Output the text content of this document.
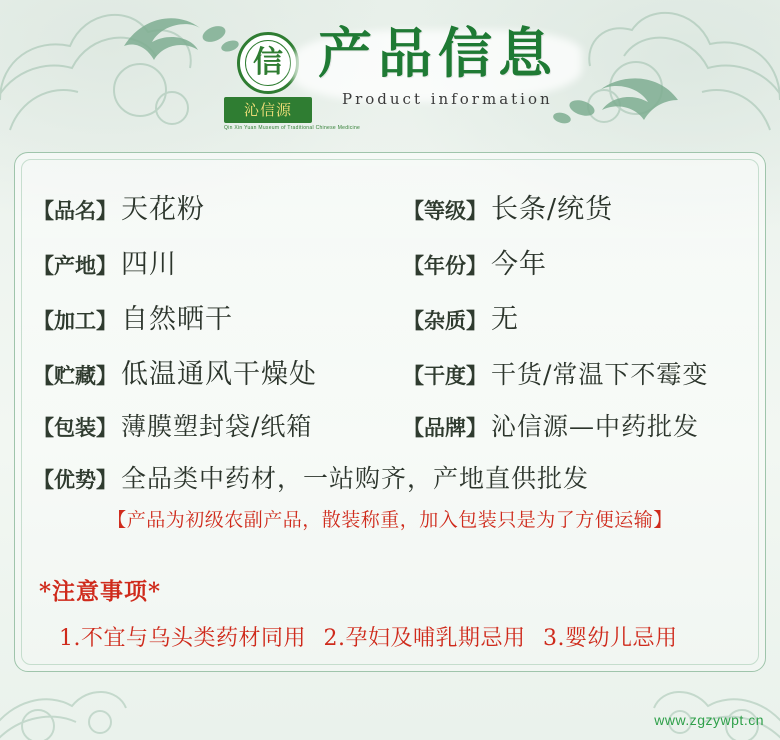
信
沁信源
Qin Xin Yuan Museum of Traditional Chinese Medicine
产品信息
Product information
【品名】 天花粉	【等级】 长条/统货
【产地】 四川	【年份】 今年
【加工】 自然晒干	【杂质】 无
【贮藏】 低温通风干燥处	【干度】 干货/常温下不霉变
【包装】 薄膜塑封袋/纸箱	【品牌】 沁信源—中药批发
【优势】 全品类中药材，一站购齐，产地直供批发
【产品为初级农副产品，散装称重，加入包装只是为了方便运输】
*注意事项*
1.不宜与乌头类药材同用 2.孕妇及哺乳期忌用 3.婴幼儿忌用
www.zgzywpt.cn
